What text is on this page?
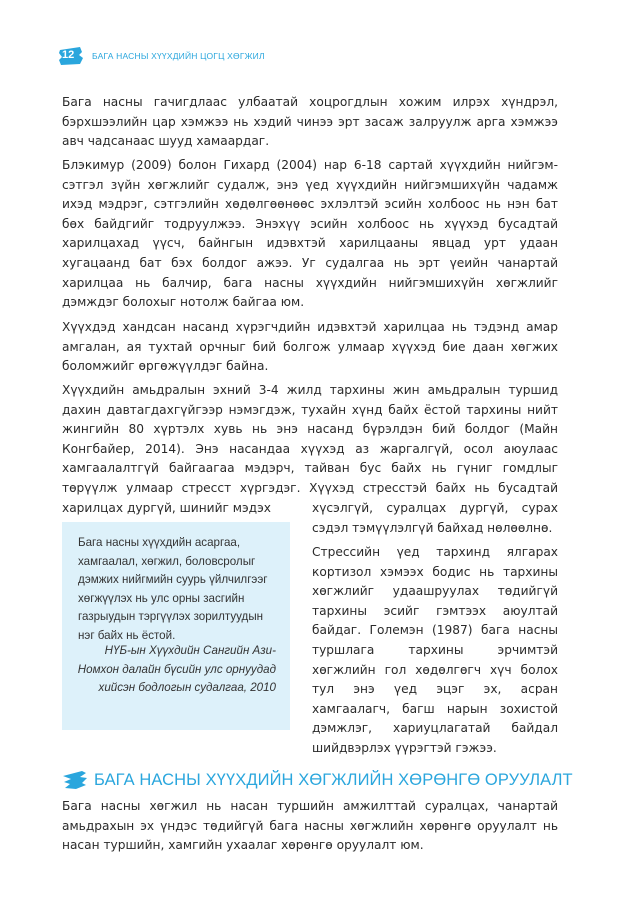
12 БАГА НАСНЫ ХҮҮХДИЙН ЦОГЦ ХӨГЖИЛ

Бага насны гачигдлаас улбаатай хоцрогдлын хожим илрэх хүндрэл, бэрхшээлийн цар хэмжээ нь хэдий чинээ эрт засаж залруулж арга хэмжээ авч чадсанаас шууд хамаардаг.

Блэкимур (2009) болон Гихард (2004) нар 6-18 сартай хүүхдийн нийгэм-сэтгэл зүйн хөгжлийг судалж, энэ үед хүүхдийн нийгэмшихүйн чадамж ихэд мэдрэг, сэтгэлийн хөдөлгөөнөөс эхлэлтэй эсийн холбоос нь нэн бат бөх байдгийг тодруулжээ. Энэхүү эсийн холбоос нь хүүхэд бусадтай харилцахад үүсч, байнгын идэвхтэй харилцааны явцад урт удаан хугацаанд бат бэх болдог ажээ. Уг судалгаа нь эрт үеийн чанартай харилцаа нь балчир, бага насны хүүхдийн нийгэмшихүйн хөгжлийг дэмждэг болохыг нотолж байгаа юм.

Хүүхдэд хандсан насанд хүрэгчдийн идэвхтэй харилцаа нь тэдэнд амар амгалан, ая тухтай орчныг бий болгож улмаар хүүхэд бие даан хөгжих боломжийг өргөжүүлдэг байна.

Хүүхдийн амьдралын эхний 3-4 жилд тархины жин амьдралын туршид дахин давтагдахгүйгээр нэмэгдэж, тухайн хүнд байх ёстой тархины нийт жингийн 80 хүртэлх хувь нь энэ насанд бүрэлдэн бий болдог (Майн Конгбайер, 2014). Энэ насандаа хүүхэд аз жаргалгүй, осол аюулаас хамгаалалтгүй байгаагаа мэдэрч, тайван бус байх нь гүниг гомдлыг төрүүлж улмаар стресст хүргэдэг. Хүүхэд стресстэй байх нь бусадтай харилцах дургүй, шинийг мэдэх	хүсэлгүй, суралцах дургүй, сурах сэдэл тэмүүлэлгүй байхад нөлөөлнө.

Стрессийн үед тархинд ялгарах кортизол хэмээх бодис нь тархины хөгжлийг удаашруулах төдийгүй тархины эсийг гэмтээх аюултай байдаг. Големэн (1987) бага насны туршлага тархины эрчимтэй хөгжлийн гол хөдөлгөгч хүч болох тул энэ үед эцэг эх, асран хамгаалагч, багш нарын зохистой дэмжлэг, хариуцлагатай байдал шийдвэрлэх үүрэгтэй гэжээ.

Бага насны хүүхдийн асаргаа, хамгаалал, хөгжил, боловсролыг дэмжих нийгмийн суурь үйлчилгээг хөгжүүлэх нь улс орны засгийн газрыудын тэргүүлэх зорилтуудын нэг байх нь ёстой.

НҮБ-ын Хүүхдийн Сангийн Ази-Номхон далайн бүсийн улс орнуудад хийсэн бодлогын судалгаа, 2010

БАГА НАСНЫ ХҮҮХДИЙН ХӨГЖЛИЙН ХӨРӨНГӨ ОРУУЛАЛТ

Бага насны хөгжил нь насан туршийн амжилттай суралцах, чанартай амьдрахын эх үндэс төдийгүй бага насны хөгжлийн хөрөнгө оруулалт нь насан туршийн, хамгийн ухаалаг хөрөнгө оруулалт юм.
